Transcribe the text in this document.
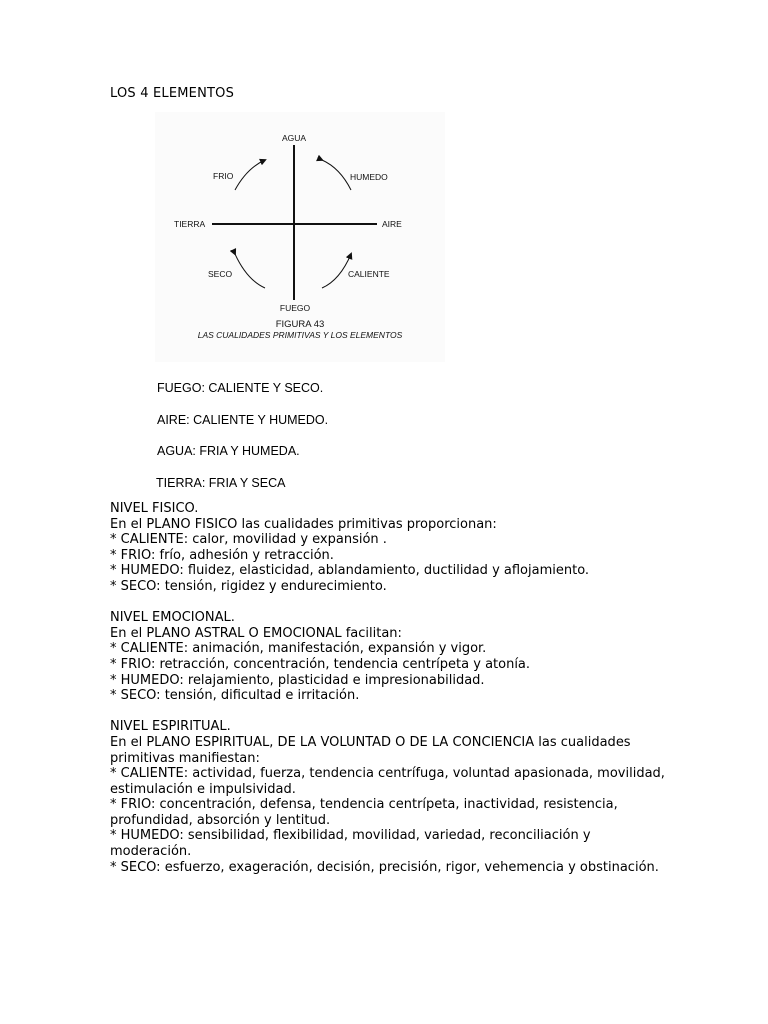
LOS 4 ELEMENTOS
AGUA
FUEGO
TIERRA	AIRE
FRIO	HUMEDO
SECO	CALIENTE
FIGURA 43
LAS CUALIDADES PRIMITIVAS Y LOS ELEMENTOS
FUEGO: CALIENTE Y SECO.
AIRE: CALIENTE Y HUMEDO.
AGUA: FRIA Y HUMEDA.
TIERRA: FRIA Y SECA

NIVEL FISICO.

En el PLANO FISICO las cualidades primitivas proporcionan:

* CALIENTE: calor, movilidad y expansión .

* FRIO: frío, adhesión y retracción.

* HUMEDO: fluidez, elasticidad, ablandamiento, ductilidad y aflojamiento.

* SECO: tensión, rigidez y endurecimiento.

NIVEL EMOCIONAL.

En el PLANO ASTRAL O EMOCIONAL facilitan:

* CALIENTE: animación, manifestación, expansión y vigor.

* FRIO: retracción, concentración, tendencia centrípeta y atonía.

* HUMEDO: relajamiento, plasticidad e impresionabilidad.

* SECO: tensión, dificultad e irritación.

NIVEL ESPIRITUAL.

En el PLANO ESPIRITUAL, DE LA VOLUNTAD O DE LA CONCIENCIA las cualidades primitivas manifiestan:

* CALIENTE: actividad, fuerza, tendencia centrífuga, voluntad apasionada, movilidad, estimulación e impulsividad.

* FRIO: concentración, defensa, tendencia centrípeta, inactividad, resistencia, profundidad, absorción y lentitud.

* HUMEDO: sensibilidad, flexibilidad, movilidad, variedad, reconciliación y moderación.

* SECO: esfuerzo, exageración, decisión, precisión, rigor, vehemencia y obstinación.
